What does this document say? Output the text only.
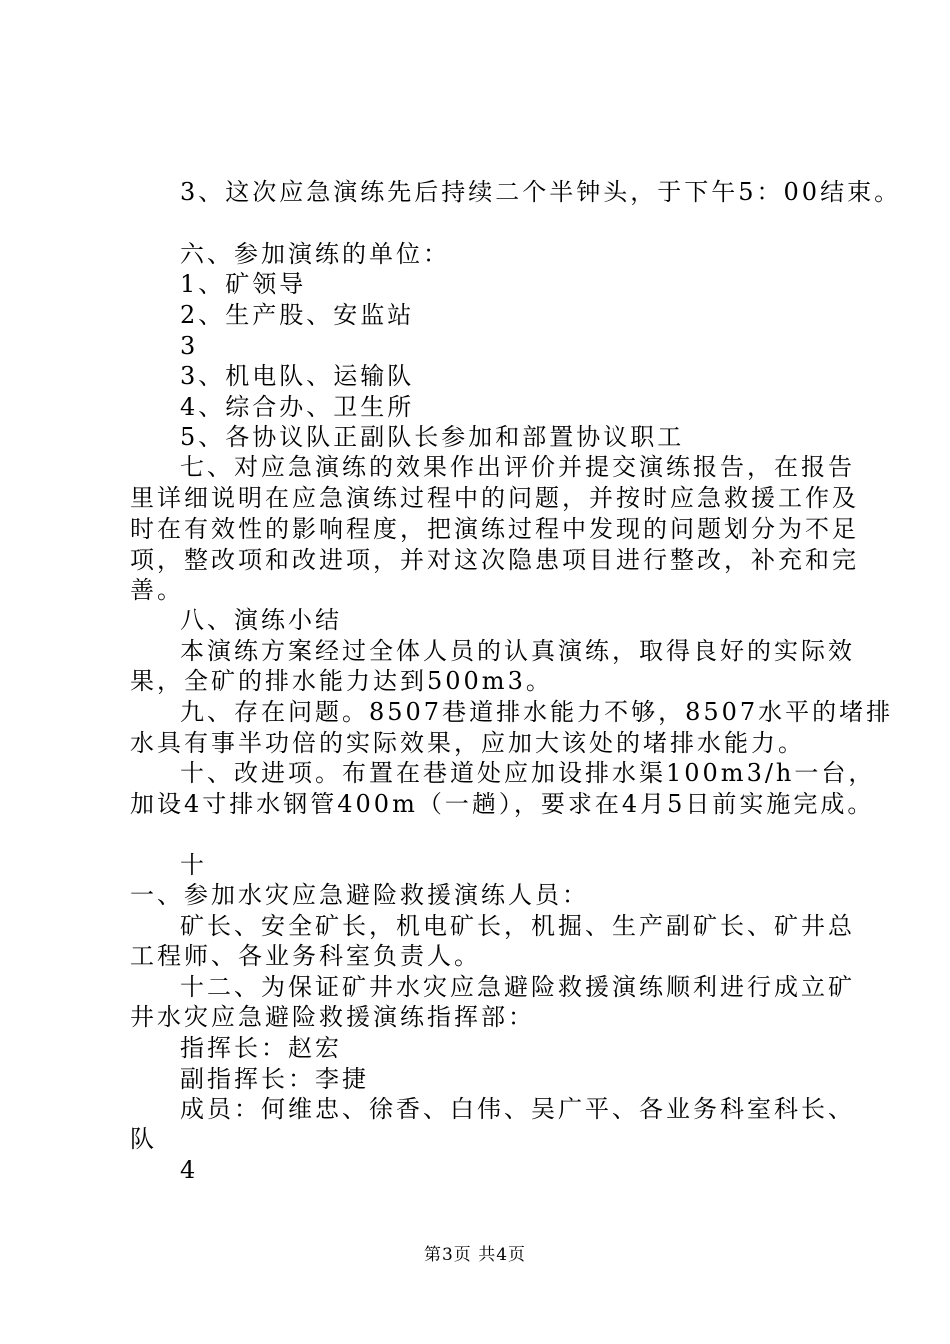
3、这次应急演练先后持续二个半钟头，于下午5：00结束。
六、参加演练的单位：
1、矿领导
2、生产股、安监站
3
3、机电队、运输队
4、综合办、卫生所
5、各协议队正副队长参加和部置协议职工
七、对应急演练的效果作出评价并提交演练报告，在报告
里详细说明在应急演练过程中的问题，并按时应急救援工作及
时在有效性的影响程度，把演练过程中发现的问题划分为不足
项，整改项和改进项，并对这次隐患项目进行整改，补充和完
善。
八、演练小结
本演练方案经过全体人员的认真演练，取得良好的实际效
果，全矿的排水能力达到500m3。
九、存在问题。8507巷道排水能力不够，8507水平的堵排
水具有事半功倍的实际效果，应加大该处的堵排水能力。
十、改进项。布置在巷道处应加设排水渠100m3/h一台，
加设4寸排水钢管400m（一趟），要求在4月5日前实施完成。
十
一、参加水灾应急避险救援演练人员：
矿长、安全矿长，机电矿长，机掘、生产副矿长、矿井总
工程师、各业务科室负责人。
十二、为保证矿井水灾应急避险救援演练顺利进行成立矿
井水灾应急避险救援演练指挥部：
指挥长：赵宏
副指挥长：李捷
成员：何维忠、徐香、白伟、吴广平、各业务科室科长、
队
4
第3页 共4页
